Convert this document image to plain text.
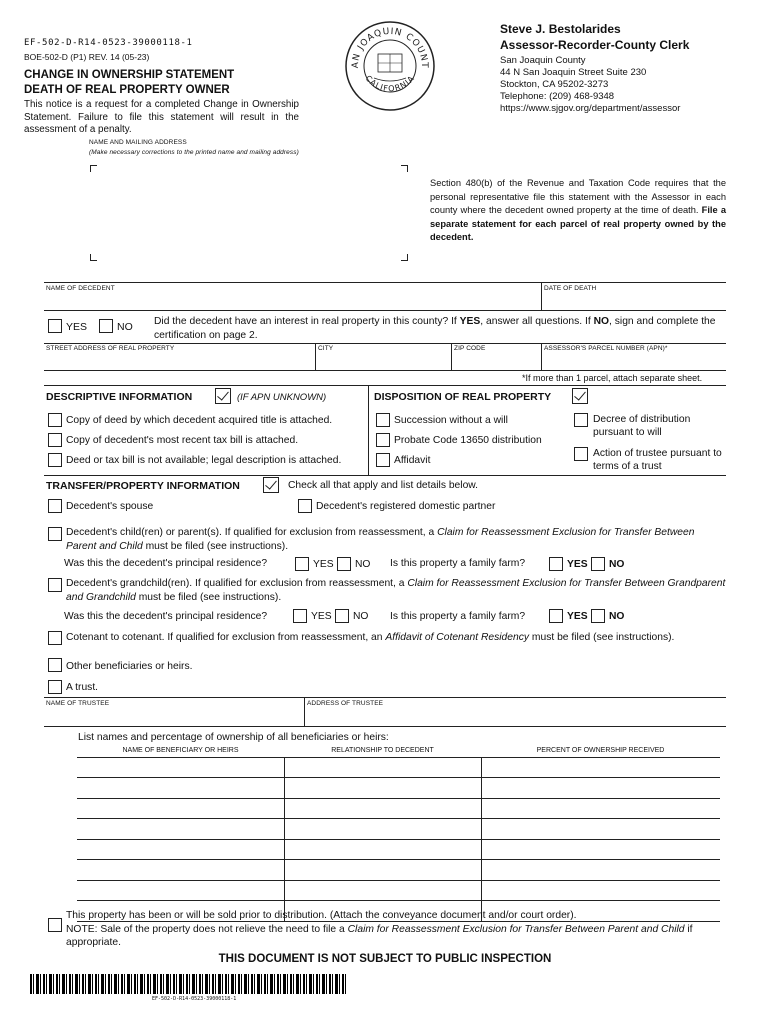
EF-502-D-R14-0523-39000118-1
BOE-502-D (P1) REV. 14 (05-23)
CHANGE IN OWNERSHIP STATEMENT
DEATH OF REAL PROPERTY OWNER
This notice is a request for a completed Change in Ownership Statement. Failure to file this statement will result in the assessment of a penalty.
AN JOAQUIN COUNT
CALIFORNIA
Steve J. Bestolarides
Assessor-Recorder-County Clerk
San Joaquin County
44 N San Joaquin Street Suite 230
Stockton, CA 95202-3273
Telephone: (209) 468-9348
https://www.sjgov.org/department/assessor
NAME AND MAILING ADDRESS
(Make necessary corrections to the printed name and mailing address)
Section 480(b) of the Revenue and Taxation Code requires that the personal representative file this statement with the Assessor in each county where the decedent owned property at the time of death. File a separate statement for each parcel of real property owned by the decedent.
NAME OF DECEDENT	DATE OF DEATH
YES	NO Did the decedent have an interest in real property in this county? If YES, answer all questions. If NO, sign and complete the certification on page 2.
STREET ADDRESS OF REAL PROPERTY	CITY	ZIP CODE	ASSESSOR'S PARCEL NUMBER (APN)*
*If more than 1 parcel, attach separate sheet.
DESCRIPTIVE INFORMATION	(IF APN UNKNOWN)
Copy of deed by which decedent acquired title is attached.
Copy of decedent's most recent tax bill is attached.
Deed or tax bill is not available; legal description is attached.
DISPOSITION OF REAL PROPERTY
Succession without a will
Probate Code 13650 distribution
Affidavit
Decree of distribution pursuant to will
Action of trustee pursuant to terms of a trust
TRANSFER/PROPERTY INFORMATION	Check all that apply and list details below.
Decedent's spouse	Decedent's registered domestic partner
Decedent's child(ren) or parent(s). If qualified for exclusion from reassessment, a Claim for Reassessment Exclusion for Transfer Between Parent and Child must be filed (see instructions).
Was this the decedent's principal residence?	YES NO Is this property a family farm?	YES NO
Decedent's grandchild(ren). If qualified for exclusion from reassessment, a Claim for Reassessment Exclusion for Transfer Between Grandparent and Grandchild must be filed (see instructions).
Was this the decedent's principal residence?	YES NO Is this property a family farm?	YES NO
Cotenant to cotenant. If qualified for exclusion from reassessment, an Affidavit of Cotenant Residency must be filed (see instructions).
Other beneficiaries or heirs.
A trust.
NAME OF TRUSTEE	ADDRESS OF TRUSTEE
List names and percentage of ownership of all beneficiaries or heirs:
NAME OF BENEFICIARY OR HEIRS	RELATIONSHIP TO DECEDENT	PERCENT OF OWNERSHIP RECEIVED

This property has been or will be sold prior to distribution. (Attach the conveyance document and/or court order).
NOTE: Sale of the property does not relieve the need to file a Claim for Reassessment Exclusion for Transfer Between Parent and Child if appropriate.
THIS DOCUMENT IS NOT SUBJECT TO PUBLIC INSPECTION
EF-502-D-R14-0523-39000118-1
